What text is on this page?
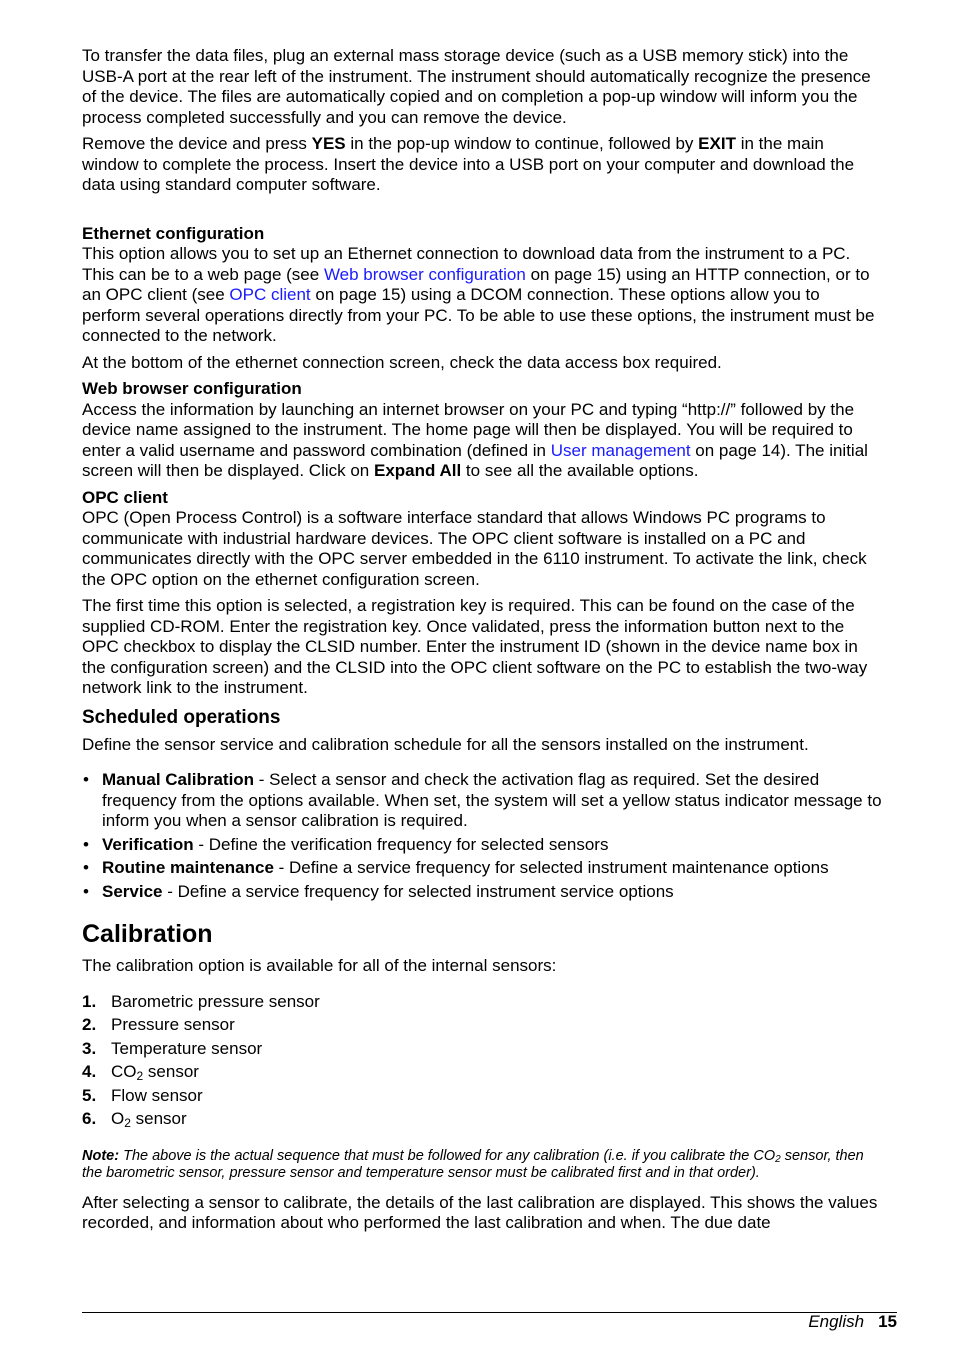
To transfer the data files, plug an external mass storage device (such as a USB memory stick) into the USB-A port at the rear left of the instrument. The instrument should automatically recognize the presence of the device. The files are automatically copied and on completion a pop-up window will inform you the process completed successfully and you can remove the device.

Remove the device and press YES in the pop-up window to continue, followed by EXIT in the main window to complete the process. Insert the device into a USB port on your computer and download the data using standard computer software.

Ethernet configuration

This option allows you to set up an Ethernet connection to download data from the instrument to a PC. This can be to a web page (see Web browser configuration on page 15) using an HTTP connection, or to an OPC client (see OPC client on page 15) using a DCOM connection. These options allow you to perform several operations directly from your PC. To be able to use these options, the instrument must be connected to the network.

At the bottom of the ethernet connection screen, check the data access box required.

Web browser configuration

Access the information by launching an internet browser on your PC and typing “http://” followed by the device name assigned to the instrument. The home page will then be displayed. You will be required to enter a valid username and password combination (defined in User management on page 14). The initial screen will then be displayed. Click on Expand All to see all the available options.

OPC client

OPC (Open Process Control) is a software interface standard that allows Windows PC programs to communicate with industrial hardware devices. The OPC client software is installed on a PC and communicates directly with the OPC server embedded in the 6110 instrument. To activate the link, check the OPC option on the ethernet configuration screen.

The first time this option is selected, a registration key is required. This can be found on the case of the supplied CD-ROM. Enter the registration key. Once validated, press the information button next to the OPC checkbox to display the CLSID number. Enter the instrument ID (shown in the device name box in the configuration screen) and the CLSID into the OPC client software on the PC to establish the two-way network link to the instrument.

Scheduled operations

Define the sensor service and calibration schedule for all the sensors installed on the instrument.

• Manual Calibration - Select a sensor and check the activation flag as required. Set the desired frequency from the options available. When set, the system will set a yellow status indicator message to inform you when a sensor calibration is required.
• Verification - Define the verification frequency for selected sensors
• Routine maintenance - Define a service frequency for selected instrument maintenance options
• Service - Define a service frequency for selected instrument service options

Calibration

The calibration option is available for all of the internal sensors:

1. Barometric pressure sensor
2. Pressure sensor
3. Temperature sensor
4. $CO_2$ sensor
5. Flow sensor
6. $O_2$ sensor

Note: The above is the actual sequence that must be followed for any calibration (i.e. if you calibrate the $CO_2$ sensor, then the barometric sensor, pressure sensor and temperature sensor must be calibrated first and in that order).

After selecting a sensor to calibrate, the details of the last calibration are displayed. This shows the values recorded, and information about who performed the last calibration and when. The due date

English 15
